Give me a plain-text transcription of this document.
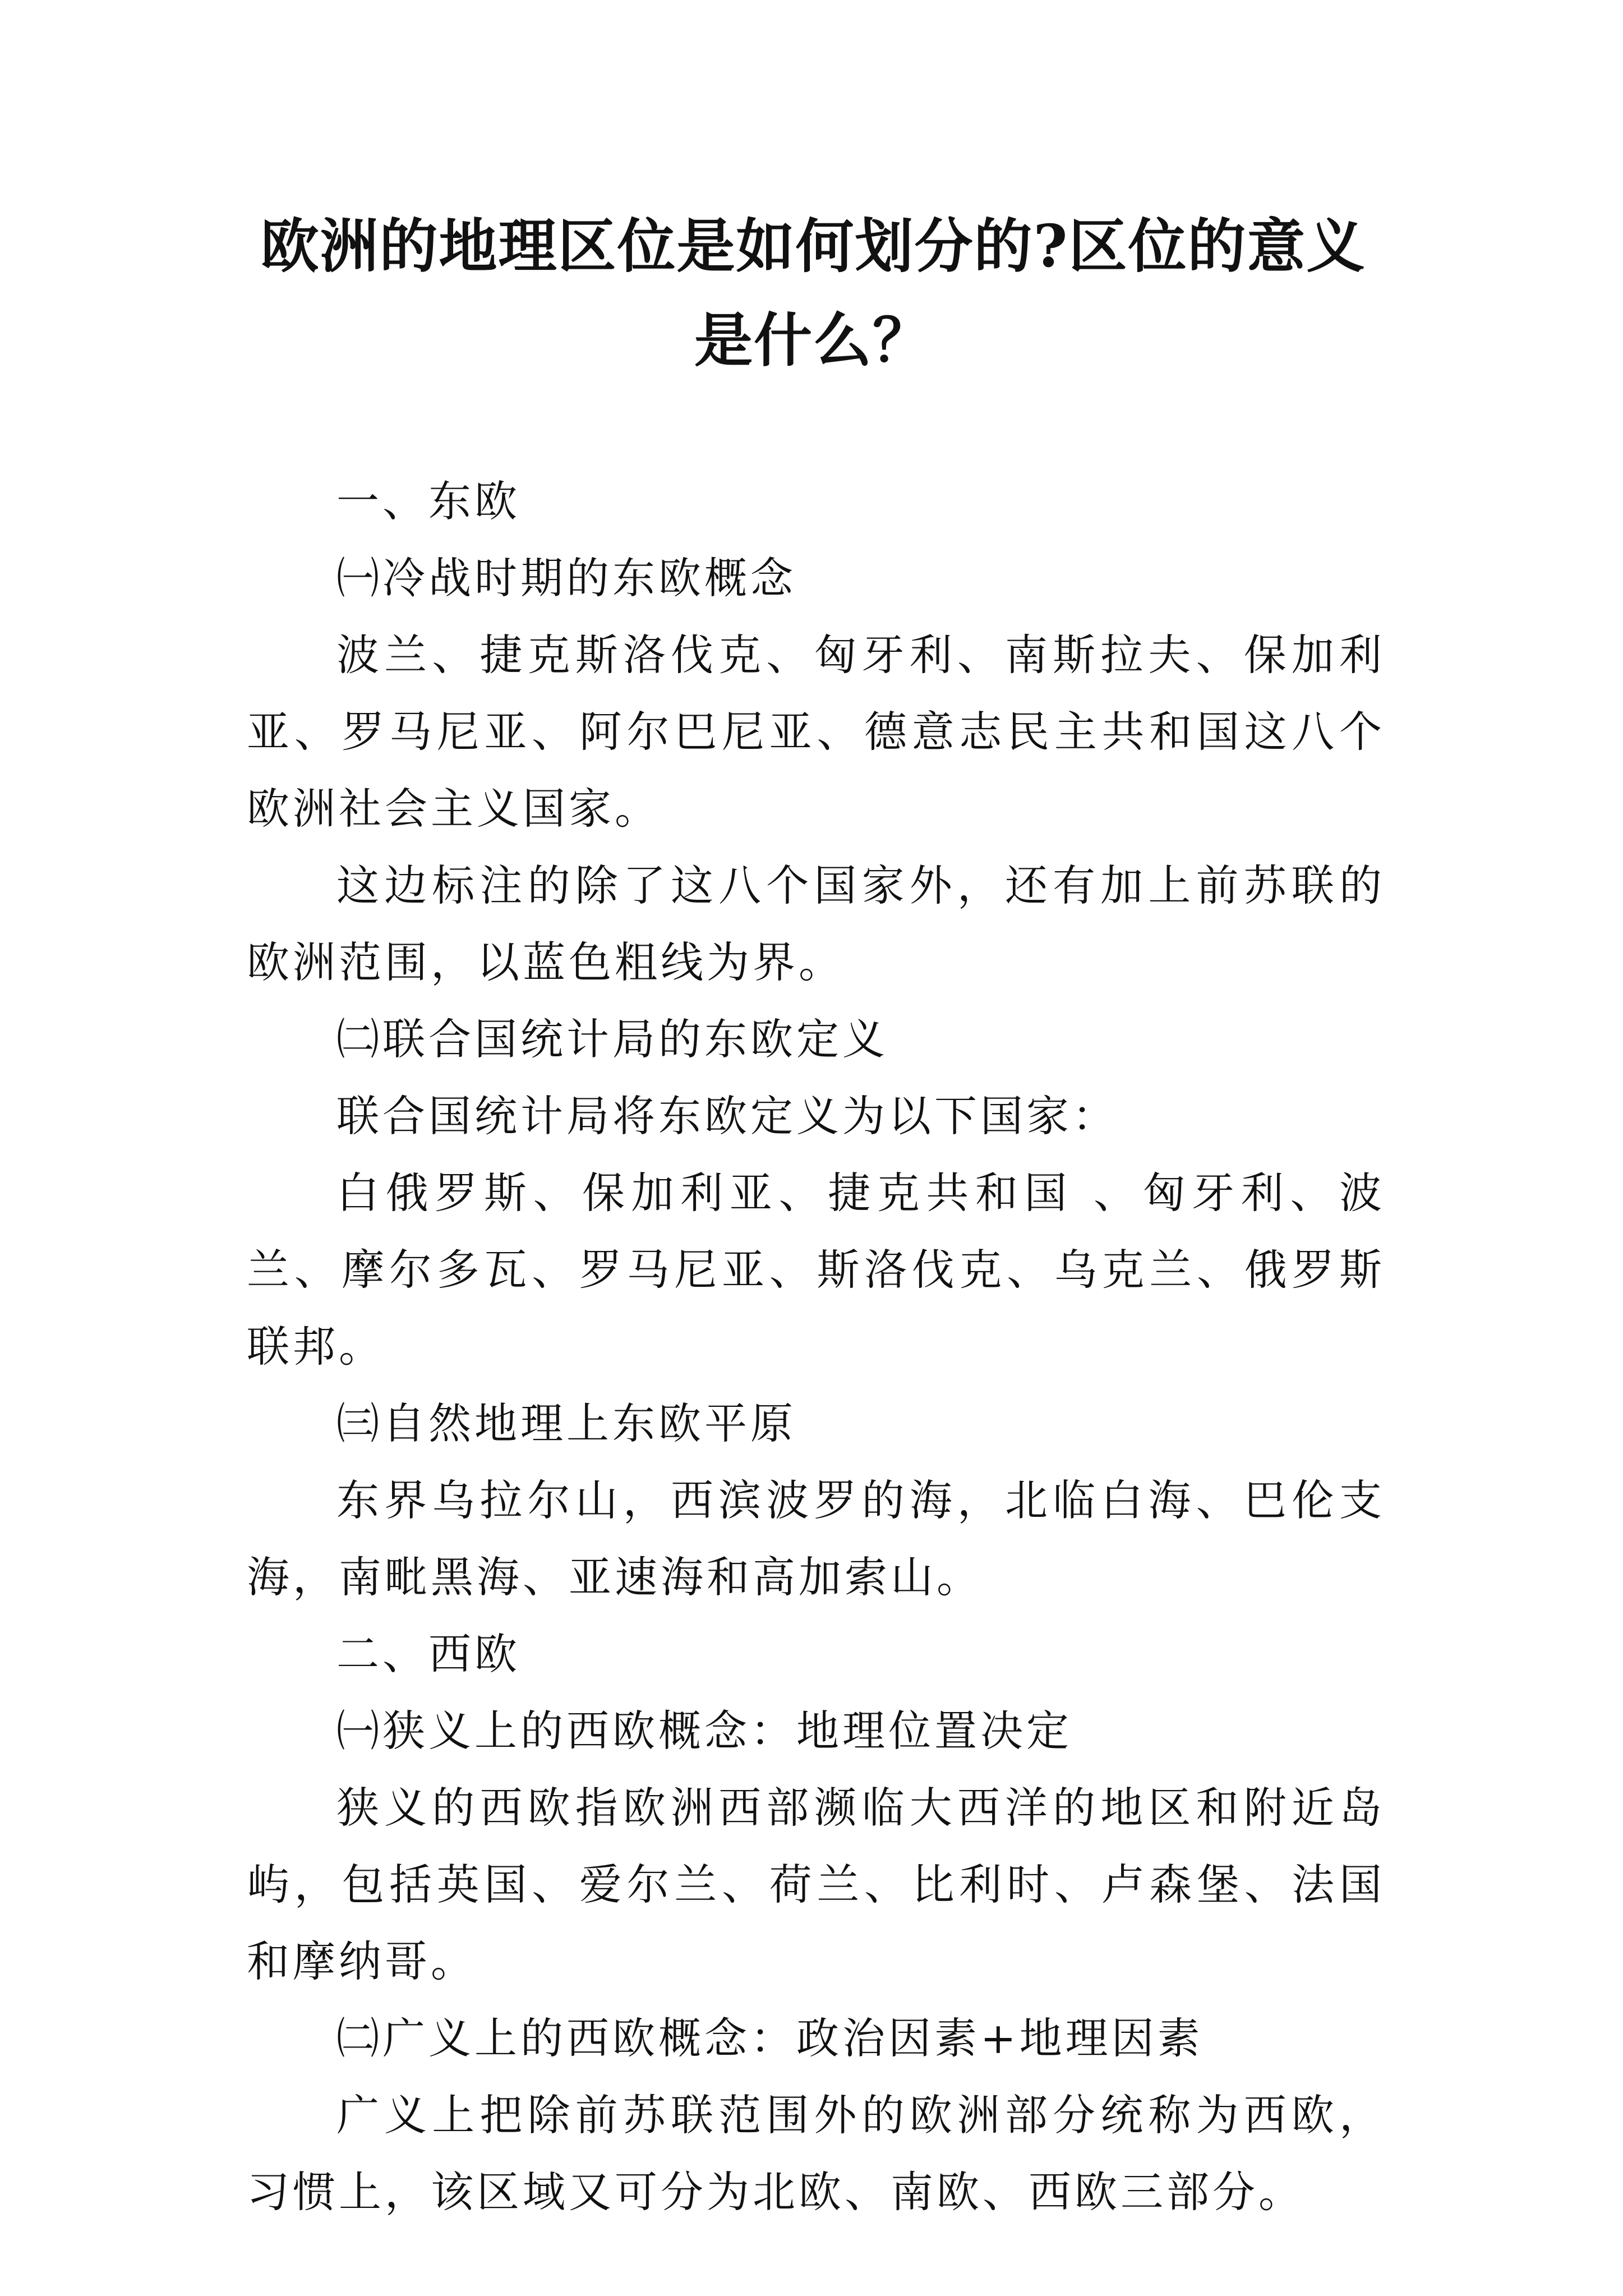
欧洲的地理区位是如何划分的?区位的意义
是什么？

一、东欧

㈠冷战时期的东欧概念

波兰、捷克斯洛伐克、匈牙利、南斯拉夫、保加利亚、罗马尼亚、阿尔巴尼亚、德意志民主共和国这八个欧洲社会主义国家。

这边标注的除了这八个国家外，还有加上前苏联的欧洲范围，以蓝色粗线为界。

㈡联合国统计局的东欧定义

联合国统计局将东欧定义为以下国家：

白俄罗斯、保加利亚、捷克共和国 、匈牙利、波兰、摩尔多瓦、罗马尼亚、斯洛伐克、乌克兰、俄罗斯联邦。

㈢自然地理上东欧平原

东界乌拉尔山，西滨波罗的海，北临白海、巴伦支海，南毗黑海、亚速海和高加索山。

二、西欧

㈠狭义上的西欧概念：地理位置决定

狭义的西欧指欧洲西部濒临大西洋的地区和附近岛屿，包括英国、爱尔兰、荷兰、比利时、卢森堡、法国和摩纳哥。

㈡广义上的西欧概念：政治因素+地理因素

广义上把除前苏联范围外的欧洲部分统称为西欧，习惯上，该区域又可分为北欧、南欧、西欧三部分。
